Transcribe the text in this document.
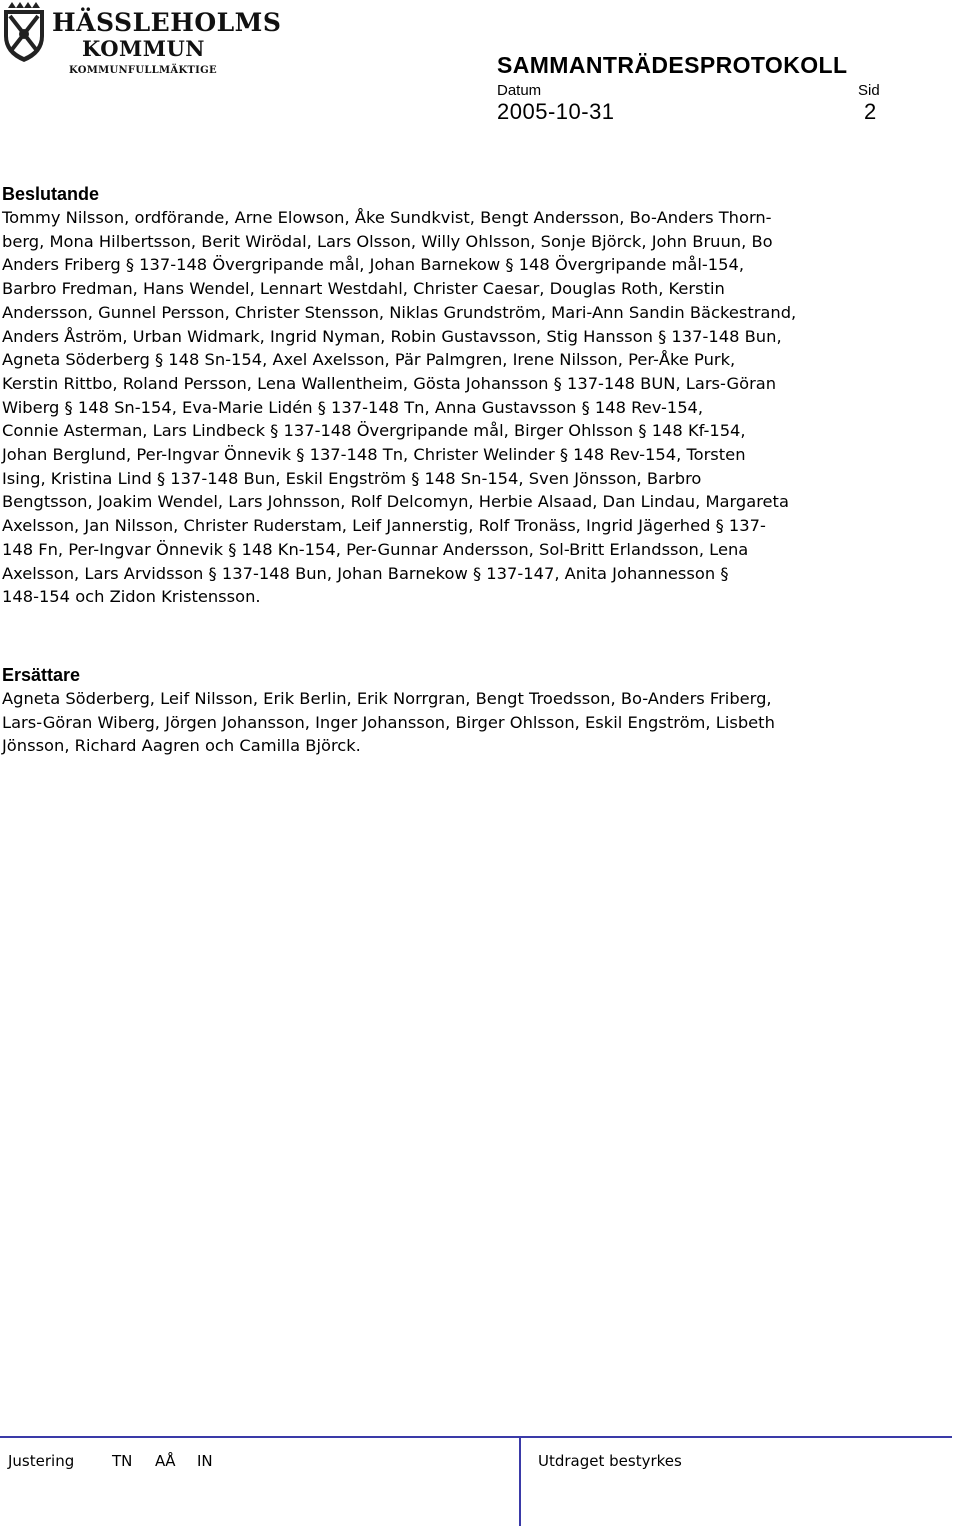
HÄSSLEHOLMS
KOMMUN
KOMMUNFULLMÄKTIGE	SAMMANTRÄDESPROTOKOLL
Datum	Sid
2005-10-31	2
Beslutande
Tommy Nilsson, ordförande, Arne Elowson, Åke Sundkvist, Bengt Andersson, Bo-Anders Thorn-
berg, Mona Hilbertsson, Berit Wirödal, Lars Olsson, Willy Ohlsson, Sonje Björck, John Bruun, Bo
Anders Friberg § 137-148 Övergripande mål, Johan Barnekow § 148 Övergripande mål-154,
Barbro Fredman, Hans Wendel, Lennart Westdahl, Christer Caesar, Douglas Roth, Kerstin
Andersson, Gunnel Persson, Christer Stensson, Niklas Grundström, Mari-Ann Sandin Bäckestrand,
Anders Åström, Urban Widmark, Ingrid Nyman, Robin Gustavsson, Stig Hansson § 137-148 Bun,
Agneta Söderberg § 148 Sn-154, Axel Axelsson, Pär Palmgren, Irene Nilsson, Per-Åke Purk,
Kerstin Rittbo, Roland Persson, Lena Wallentheim, Gösta Johansson § 137-148 BUN, Lars-Göran
Wiberg § 148 Sn-154, Eva-Marie Lidén § 137-148 Tn, Anna Gustavsson § 148 Rev-154,
Connie Asterman, Lars Lindbeck § 137-148 Övergripande mål, Birger Ohlsson § 148 Kf-154,
Johan Berglund, Per-Ingvar Önnevik § 137-148 Tn, Christer Welinder § 148 Rev-154, Torsten
Ising, Kristina Lind § 137-148 Bun, Eskil Engström § 148 Sn-154, Sven Jönsson, Barbro
Bengtsson, Joakim Wendel, Lars Johnsson, Rolf Delcomyn, Herbie Alsaad, Dan Lindau, Margareta
Axelsson, Jan Nilsson, Christer Ruderstam, Leif Jannerstig, Rolf Tronäss, Ingrid Jägerhed § 137-
148 Fn, Per-Ingvar Önnevik § 148 Kn-154, Per-Gunnar Andersson, Sol-Britt Erlandsson, Lena
Axelsson, Lars Arvidsson § 137-148 Bun, Johan Barnekow § 137-147, Anita Johannesson §
148-154 och Zidon Kristensson.
Ersättare
Agneta Söderberg, Leif Nilsson, Erik Berlin, Erik Norrgran, Bengt Troedsson, Bo-Anders Friberg,
Lars-Göran Wiberg, Jörgen Johansson, Inger Johansson, Birger Ohlsson, Eskil Engström, Lisbeth
Jönsson, Richard Aagren och Camilla Björck.
Justering	TN AÅ IN	Utdraget bestyrkes
